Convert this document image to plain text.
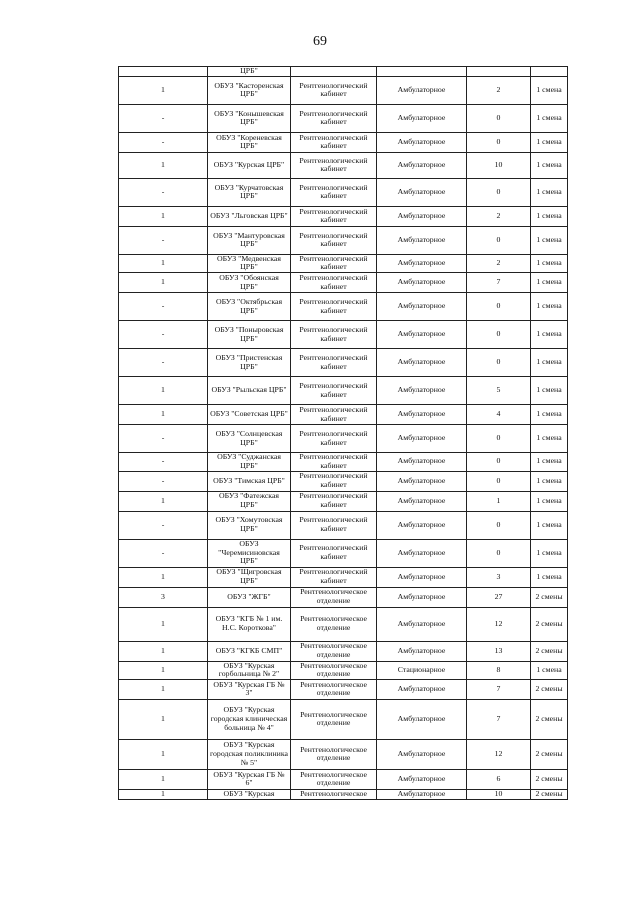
69
	ЦРБ"				
1	ОБУЗ "Касторенская ЦРБ"	Рентгенологический кабинет	Амбулаторное	2	1 смена
-	ОБУЗ "Конышевская ЦРБ"	Рентгенологический кабинет	Амбулаторное	0	1 смена
-	ОБУЗ "Кореневская ЦРБ"	Рентгенологический кабинет	Амбулаторное	0	1 смена
1	ОБУЗ "Курская ЦРБ"	Рентгенологический кабинет	Амбулаторное	10	1 смена
-	ОБУЗ "Курчатовская ЦРБ"	Рентгенологический кабинет	Амбулаторное	0	1 смена
1	ОБУЗ "Льговская ЦРБ"	Рентгенологический кабинет	Амбулаторное	2	1 смена
-	ОБУЗ "Мантуровская ЦРБ"	Рентгенологический кабинет	Амбулаторное	0	1 смена
1	ОБУЗ "Медвенская ЦРБ"	Рентгенологический кабинет	Амбулаторное	2	1 смена
1	ОБУЗ "Обоянская ЦРБ"	Рентгенологический кабинет	Амбулаторное	7	1 смена
-	ОБУЗ "Октябрьская ЦРБ"	Рентгенологический кабинет	Амбулаторное	0	1 смена
-	ОБУЗ "Поныровская ЦРБ"	Рентгенологический кабинет	Амбулаторное	0	1 смена
-	ОБУЗ "Пристенская ЦРБ"	Рентгенологический кабинет	Амбулаторное	0	1 смена
1	ОБУЗ "Рыльская ЦРБ"	Рентгенологический кабинет	Амбулаторное	5	1 смена
1	ОБУЗ "Советская ЦРБ"	Рентгенологический кабинет	Амбулаторное	4	1 смена
-	ОБУЗ "Солнцевская ЦРБ"	Рентгенологический кабинет	Амбулаторное	0	1 смена
-	ОБУЗ "Суджанская ЦРБ"	Рентгенологический кабинет	Амбулаторное	0	1 смена
-	ОБУЗ "Тимская ЦРБ"	Рентгенологический кабинет	Амбулаторное	0	1 смена
1	ОБУЗ "Фатежская ЦРБ"	Рентгенологический кабинет	Амбулаторное	1	1 смена
-	ОБУЗ "Хомутовская ЦРБ"	Рентгенологический кабинет	Амбулаторное	0	1 смена
-	ОБУЗ "Черемисиновская ЦРБ"	Рентгенологический кабинет	Амбулаторное	0	1 смена
1	ОБУЗ "Щигровская ЦРБ"	Рентгенологический кабинет	Амбулаторное	3	1 смена
3	ОБУЗ "ЖГБ"	Рентгенологическое отделение	Амбулаторное	27	2 смены
1	ОБУЗ "КГБ № 1 им. Н.С. Короткова"	Рентгенологическое отделение	Амбулаторное	12	2 смены
1	ОБУЗ "КГКБ СМП"	Рентгенологическое отделение	Амбулаторное	13	2 смены
1	ОБУЗ "Курская горбольница № 2"	Рентгенологическое отделение	Стационарное	8	1 смена
1	ОБУЗ "Курская ГБ № 3"	Рентгенологическое отделение	Амбулаторное	7	2 смены
1	ОБУЗ "Курская городская клиническая больница № 4"	Рентгенологическое отделение	Амбулаторное	7	2 смены
1	ОБУЗ "Курская городская поликлиника № 5"	Рентгенологическое отделение	Амбулаторное	12	2 смены
1	ОБУЗ "Курская ГБ № 6"	Рентгенологическое отделение	Амбулаторное	6	2 смены
1	ОБУЗ "Курская	Рентгенологическое	Амбулаторное	10	2 смены
